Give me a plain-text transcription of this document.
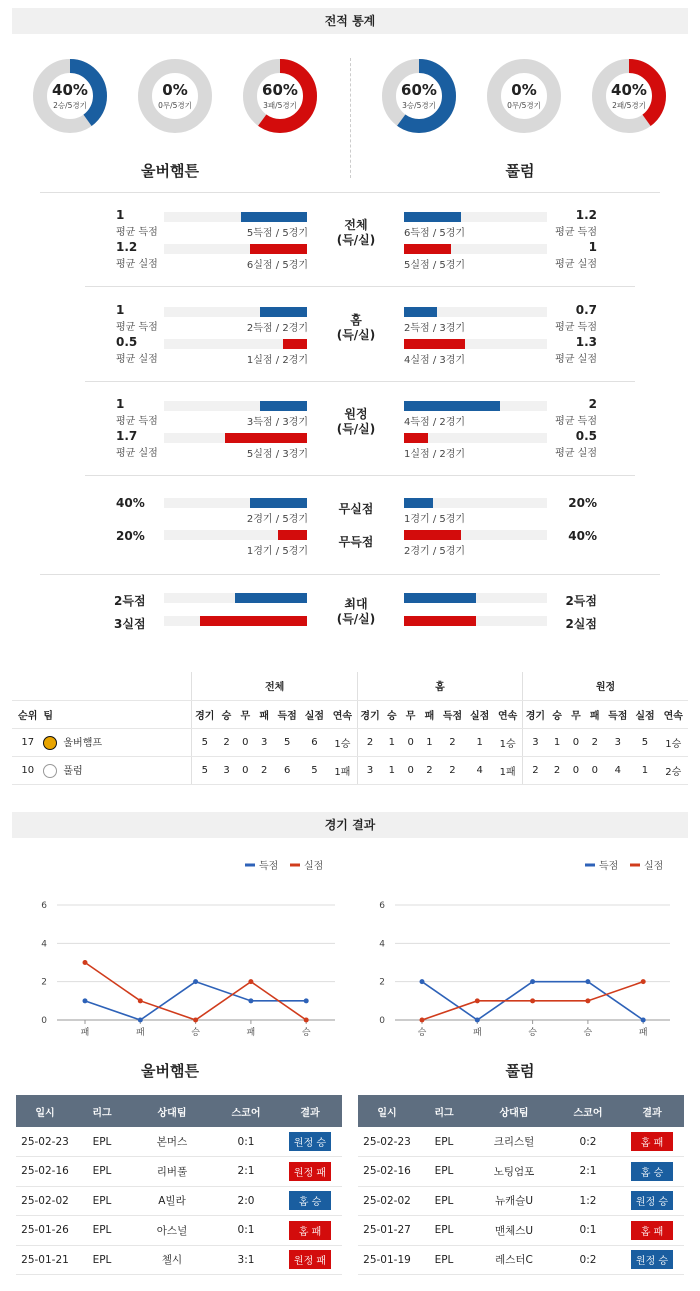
전적 통계
40%
2승/5경기
0%
0무/5경기
60%
3패/5경기
60%
3승/5경기
0%
0무/5경기
40%
2패/5경기
울버햄튼	풀럼
1
평균 득점
1.2
평균 실점
5득점 / 5경기
6실점 / 5경기
1.2
평균 득점
1
평균 실점
6득점 / 5경기
5실점 / 5경기
전체
(득/실)
1
평균 득점
0.5
평균 실점
2득점 / 2경기
1실점 / 2경기
0.7
평균 득점
1.3
평균 실점
2득점 / 3경기
4실점 / 3경기
홈
(득/실)
1
평균 득점
1.7
평균 실점
3득점 / 3경기
5실점 / 3경기
2
평균 득점
0.5
평균 실점
4득점 / 2경기
1실점 / 2경기
원정
(득/실)
40%
20%
20%
40%
2경기 / 5경기
1경기 / 5경기
1경기 / 5경기
2경기 / 5경기
무실점
무득점
2득점
3실점
2득점
2실점
최대
(득/실)
		전체							홈							원정						
순위	팀	경기	승	무	패	득점	실점	연속	경기	승	무	패	득점	실점	연속	경기	승	무	패	득점	실점	연속
17	울버햄프	5	2	0	3	5	6	1승	2	1	0	1	2	1	1승	3	1	0	2	3	5	1승
10	풀럼	5	3	0	2	6	5	1패	3	1	0	2	2	4	1패	2	2	0	0	4	1	2승
경기 결과
득점	실점
0
2
4
6
패	패	승	패	승
득점	실점
0
2
4
6
승	패	승	승	패
울버햄튼	풀럼
일시	리그	상대팀	스코어	결과
25-02-23	EPL	본머스	0:1	원정 승
25-02-16	EPL	리버풀	2:1	원정 패
25-02-02	EPL	A빌라	2:0	홈 승
25-01-26	EPL	아스널	0:1	홈 패
25-01-21	EPL	첼시	3:1	원정 패
일시	리그	상대팀	스코어	결과
25-02-23	EPL	크리스털	0:2	홈 패
25-02-16	EPL	노팅엄포	2:1	홈 승
25-02-02	EPL	뉴캐슬U	1:2	원정 승
25-01-27	EPL	맨체스U	0:1	홈 패
25-01-19	EPL	레스터C	0:2	원정 승
